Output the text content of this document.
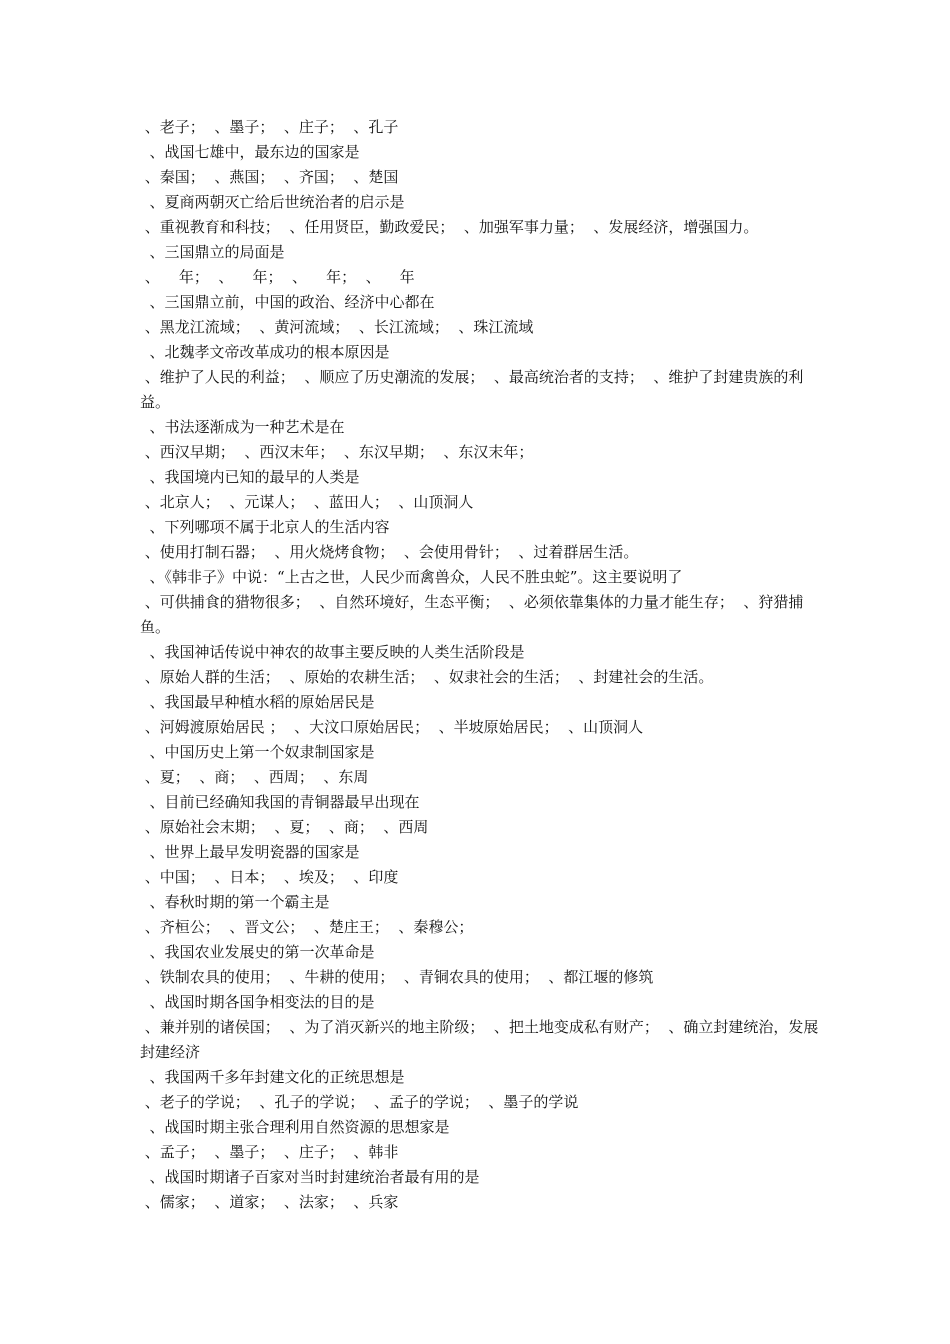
、老子；  、墨子；  、庄子；  、孔子
、战国七雄中，最东边的国家是
、秦国；  、燕国；  、齐国；  、楚国
、夏商两朝灭亡给后世统治者的启示是
、重视教育和科技；  、任用贤臣，勤政爱民；  、加强军事力量；  、发展经济，增强国力。
、三国鼎立的局面是
、    年；  、    年；  、    年；  、    年
、三国鼎立前，中国的政治、经济中心都在
、黑龙江流域；  、黄河流域；  、长江流域；  、珠江流域
、北魏孝文帝改革成功的根本原因是
、维护了人民的利益；  、顺应了历史潮流的发展；  、最高统治者的支持；  、维护了封建贵族的利益。
、书法逐渐成为一种艺术是在
、西汉早期；  、西汉末年；  、东汉早期；  、东汉末年；
、我国境内已知的最早的人类是
、北京人；  、元谋人；  、蓝田人；  、山顶洞人
、下列哪项不属于北京人的生活内容
、使用打制石器；  、用火烧烤食物；  、会使用骨针；  、过着群居生活。
、《韩非子》中说：“上古之世，人民少而禽兽众，人民不胜虫蛇”。这主要说明了
、可供捕食的猎物很多；  、自然环境好，生态平衡；  、必须依靠集体的力量才能生存；  、狩猎捕鱼。
、我国神话传说中神农的故事主要反映的人类生活阶段是
、原始人群的生活；  、原始的农耕生活；  、奴隶社会的生活；  、封建社会的生活。
、我国最早种植水稻的原始居民是
、河姆渡原始居民 ；  、大汶口原始居民；  、半坡原始居民；  、山顶洞人
、中国历史上第一个奴隶制国家是
、夏；  、商；  、西周；  、东周
、目前已经确知我国的青铜器最早出现在
、原始社会末期；  、夏；  、商；  、西周
、世界上最早发明瓷器的国家是
、中国；  、日本；  、埃及；  、印度
、春秋时期的第一个霸主是
、齐桓公；  、晋文公；  、楚庄王；  、秦穆公；
、我国农业发展史的第一次革命是
、铁制农具的使用；  、牛耕的使用；  、青铜农具的使用；  、都江堰的修筑
、战国时期各国争相变法的目的是
、兼并别的诸侯国；  、为了消灭新兴的地主阶级；  、把土地变成私有财产；  、确立封建统治，发展封建经济
、我国两千多年封建文化的正统思想是
、老子的学说；  、孔子的学说；  、孟子的学说；  、墨子的学说
、战国时期主张合理利用自然资源的思想家是
、孟子；  、墨子；  、庄子；  、韩非
、战国时期诸子百家对当时封建统治者最有用的是
、儒家；  、道家；  、法家；  、兵家
